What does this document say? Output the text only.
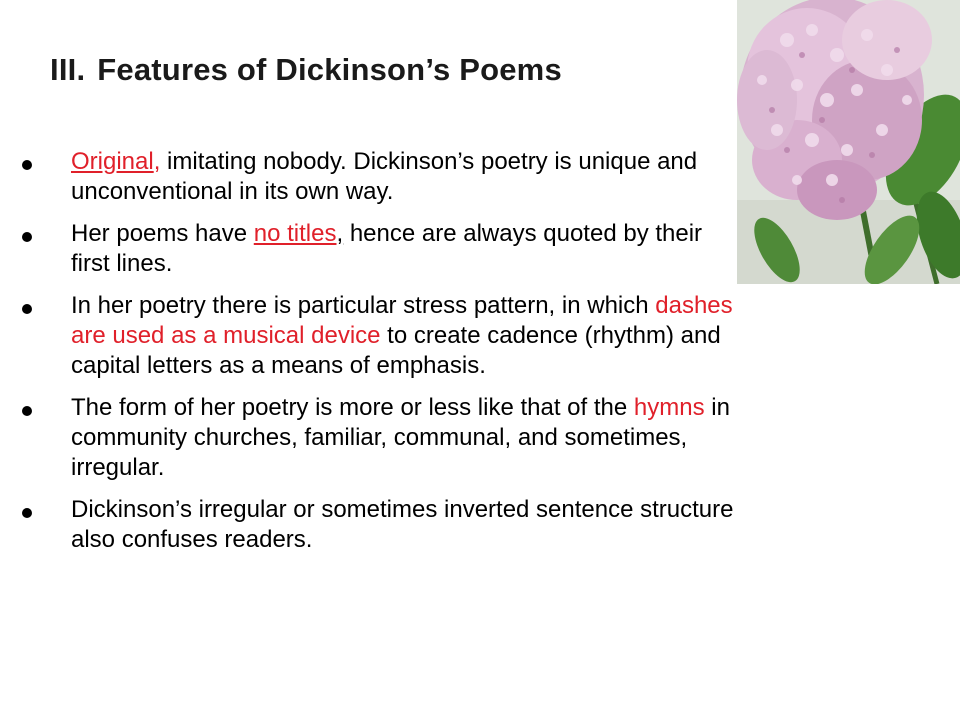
III. Features of Dickinson’s Poems
Original, imitating nobody. Dickinson’s poetry is unique and unconventional in its own way.
Her poems have no titles, hence are always quoted by their first lines.
In her poetry there is particular stress pattern, in which dashes are used as a musical device to create cadence (rhythm) and capital letters as a means of emphasis.
The form of her poetry is more or less like that of the hymns in community churches, familiar, communal, and sometimes, irregular.
Dickinson’s irregular or sometimes inverted sentence structure also confuses readers.
